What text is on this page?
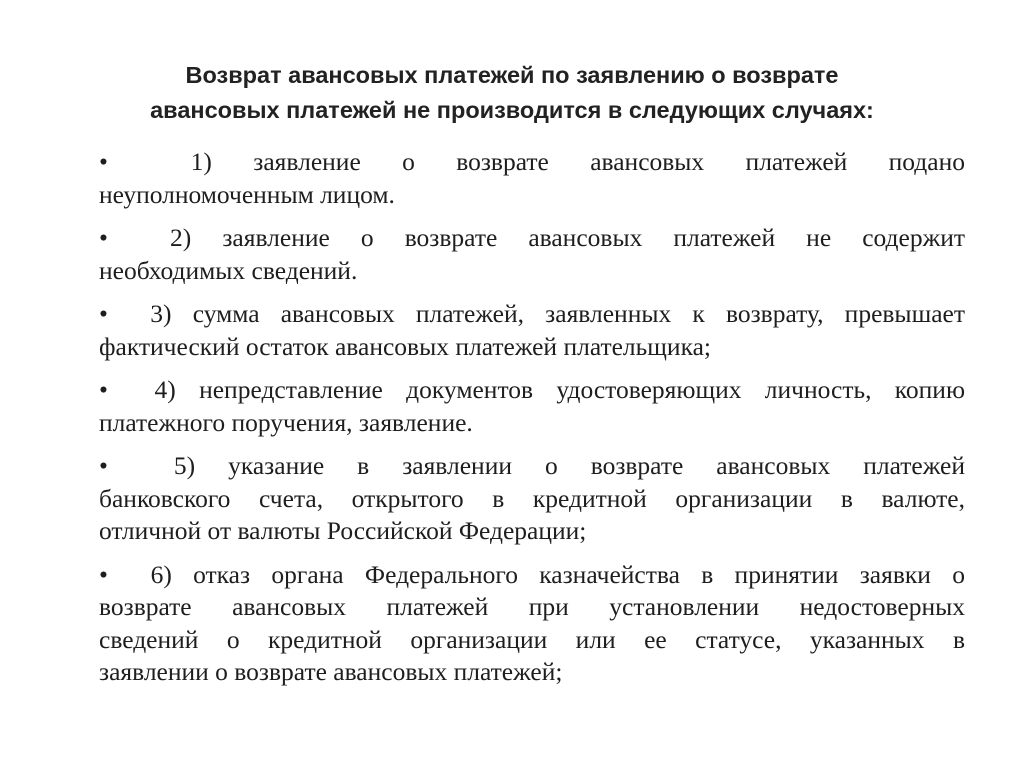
Возврат авансовых платежей по заявлению о возврате
авансовых платежей не производится в следующих случаях:
•  1) заявление о возврате авансовых платежей подано
неуполномоченным лицом.
•  2) заявление о возврате авансовых платежей не содержит
необходимых сведений.
•  3) сумма авансовых платежей, заявленных к возврату, превышает
фактический остаток авансовых платежей плательщика;
•  4) непредставление документов удостоверяющих личность, копию
платежного поручения, заявление.
•  5) указание в заявлении о возврате авансовых платежей
банковского счета, открытого в кредитной организации в валюте,
отличной от валюты Российской Федерации;
•  6) отказ органа Федерального казначейства в принятии заявки о
возврате авансовых платежей при установлении недостоверных
сведений о кредитной организации или ее статусе, указанных в
заявлении о возврате авансовых платежей;
